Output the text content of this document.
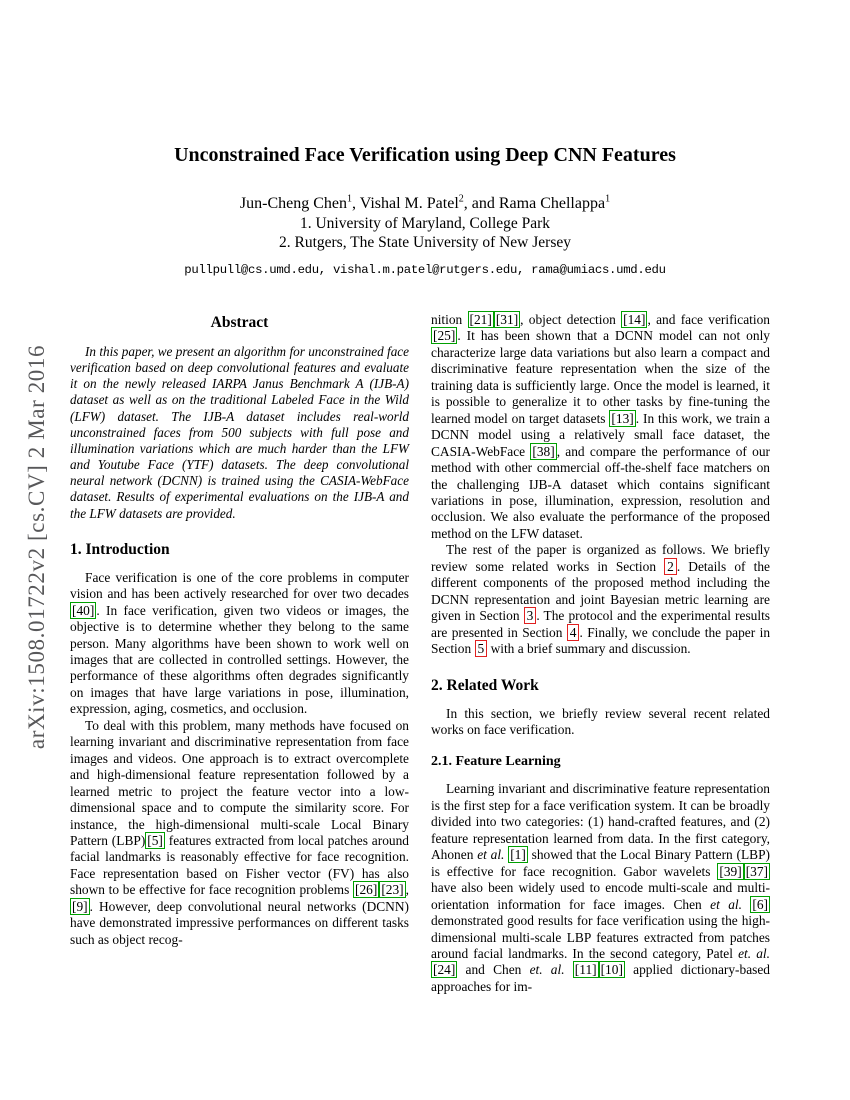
arXiv:1508.01722v2 [cs.CV] 2 Mar 2016
Unconstrained Face Verification using Deep CNN Features
Jun-Cheng Chen$^1$, Vishal M. Patel$^2$, and Rama Chellappa$^1$
1. University of Maryland, College Park
2. Rutgers, The State University of New Jersey
pullpull@cs.umd.edu, vishal.m.patel@rutgers.edu, rama@umiacs.umd.edu
Abstract

In this paper, we present an algorithm for unconstrained face verification based on deep convolutional features and evaluate it on the newly released IARPA Janus Benchmark A (IJB-A) dataset as well as on the traditional Labeled Face in the Wild (LFW) dataset. The IJB-A dataset includes real-world unconstrained faces from 500 subjects with full pose and illumination variations which are much harder than the LFW and Youtube Face (YTF) datasets. The deep convolutional neural network (DCNN) is trained using the CASIA-WebFace dataset. Results of experimental evaluations on the IJB-A and the LFW datasets are provided.

1. Introduction

Face verification is one of the core problems in computer vision and has been actively researched for over two decades [40] . In face verification, given two videos or images, the objective is to determine whether they belong to the same person. Many algorithms have been shown to work well on images that are collected in controlled settings. However, the performance of these algorithms often degrades significantly on images that have large variations in pose, illumination, expression, aging, cosmetics, and occlusion.

To deal with this problem, many methods have focused on learning invariant and discriminative representation from face images and videos. One approach is to extract overcomplete and high-dimensional feature representation followed by a learned metric to project the feature vector into a low-dimensional space and to compute the similarity score. For instance, the high-dimensional multi-scale Local Binary Pattern (LBP) [5] features extracted from local patches around facial landmarks is reasonably effective for face recognition. Face representation based on Fisher vector (FV) has also shown to be effective for face recognition problems [26] [23] , [9] . However, deep convolutional neural networks (DCNN) have demonstrated impressive performances on different tasks such as object recog-

nition [21] [31] , object detection [14] , and face verification [25] . It has been shown that a DCNN model can not only characterize large data variations but also learn a compact and discriminative feature representation when the size of the training data is sufficiently large. Once the model is learned, it is possible to generalize it to other tasks by fine-tuning the learned model on target datasets [13] . In this work, we train a DCNN model using a relatively small face dataset, the CASIA-WebFace [38] , and compare the performance of our method with other commercial off-the-shelf face matchers on the challenging IJB-A dataset which contains significant variations in pose, illumination, expression, resolution and occlusion. We also evaluate the performance of the proposed method on the LFW dataset.

The rest of the paper is organized as follows. We briefly review some related works in Section 2 . Details of the different components of the proposed method including the DCNN representation and joint Bayesian metric learning are given in Section 3 . The protocol and the experimental results are presented in Section 4 . Finally, we conclude the paper in Section 5 with a brief summary and discussion.

2. Related Work

In this section, we briefly review several recent related works on face verification.

2.1. Feature Learning

Learning invariant and discriminative feature representation is the first step for a face verification system. It can be broadly divided into two categories: (1) hand-crafted features, and (2) feature representation learned from data. In the first category, Ahonen et al. [1] showed that the Local Binary Pattern (LBP) is effective for face recognition. Gabor wavelets [39] [37] have also been widely used to encode multi-scale and multi-orientation information for face images. Chen et al. [6] demonstrated good results for face verification using the high-dimensional multi-scale LBP features extracted from patches around facial landmarks. In the second category, Patel et. al. [24] and Chen et. al. [11] [10] applied dictionary-based approaches for im-
